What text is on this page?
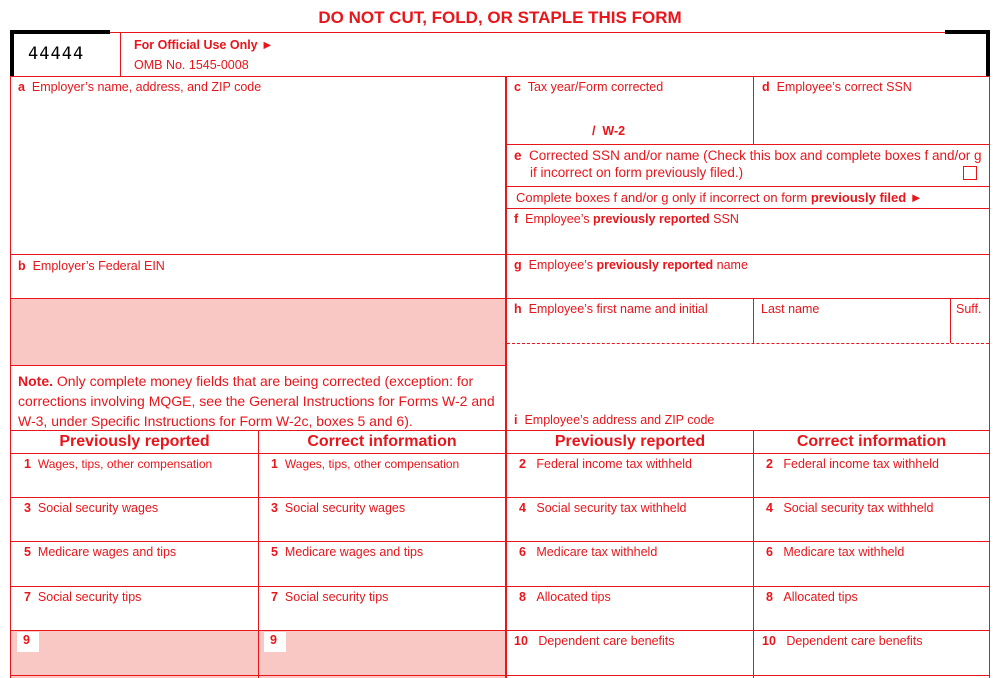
DO NOT CUT, FOLD, OR STAPLE THIS FORM
44444	For Official Use Only ►
OMB No. 1545-0008
a Employer’s name, address, and ZIP code
b Employer’s Federal EIN
Note. Only complete money fields that are being corrected (exception: for corrections involving MQGE, see the General Instructions for Forms W-2 and W-3, under Specific Instructions for Form W-2c, boxes 5 and 6).
c Tax year/Form corrected
/  W-2
d Employee’s correct SSN
e Corrected SSN and/or name (Check this box and complete boxes f and/or g if incorrect on form previously filed.)
Complete boxes f and/or g only if incorrect on form previously filed ►
f Employee’s previously reported SSN
g Employee’s previously reported name
h Employee’s first name and initial	Last name	Suff.
i Employee’s address and ZIP code
Previously reported	Correct information	Previously reported	Correct information
1 Wages, tips, other compensation	1 Wages, tips, other compensation	2 Federal income tax withheld	2 Federal income tax withheld
3 Social security wages	3 Social security wages	4 Social security tax withheld	4 Social security tax withheld
5 Medicare wages and tips	5 Medicare wages and tips	6 Medicare tax withheld	6 Medicare tax withheld
7 Social security tips	7 Social security tips	8 Allocated tips	8 Allocated tips
9	9	10 Dependent care benefits	10 Dependent care benefits
